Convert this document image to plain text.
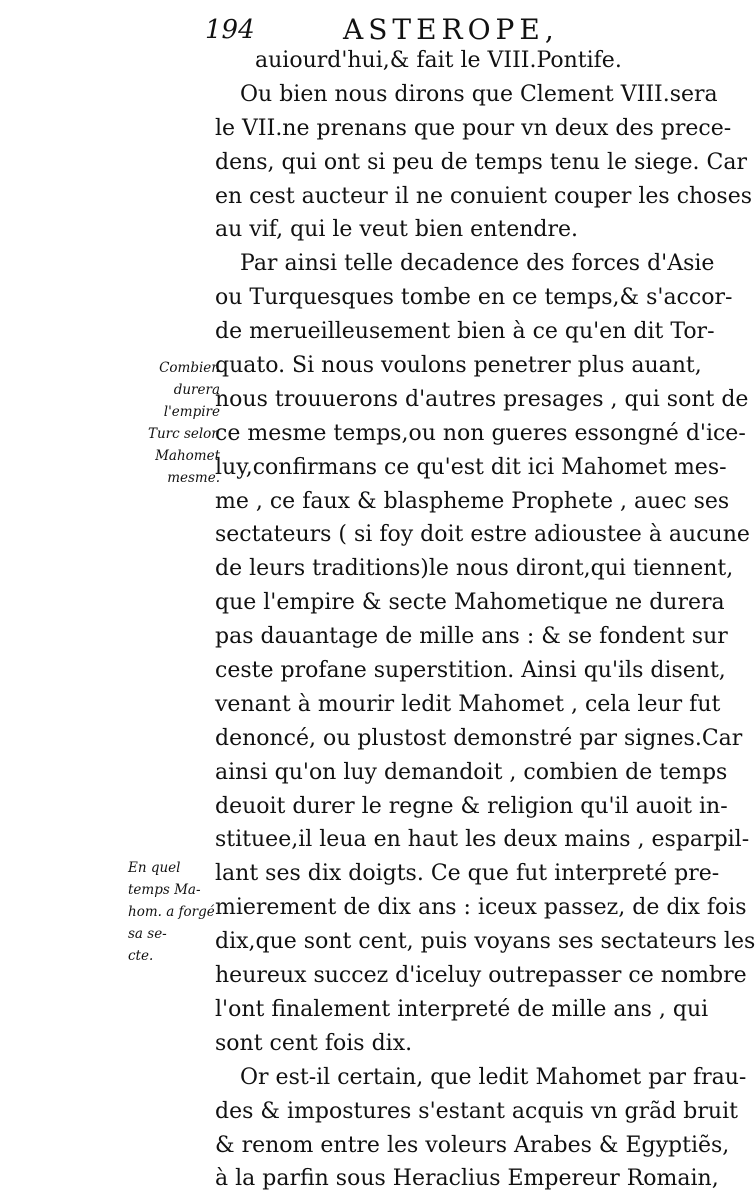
194	ASTEROPE,
auiourd'hui,& fait le VIII.Pontife.
Ou bien nous dirons que Clement VIII.sera
le VII.ne prenans que pour vn deux des prece-
dens, qui ont si peu de temps tenu le siege. Car
en cest aucteur il ne conuient couper les choses
au vif, qui le veut bien entendre.
Par ainsi telle decadence des forces d'Asie
ou Turquesques tombe en ce temps,& s'accor-
de merueilleusement bien à ce qu'en dit Tor-
quato. Si nous voulons penetrer plus auant,
nous trouuerons d'autres presages , qui sont de
ce mesme temps,ou non gueres essongné d'ice-
luy,confirmans ce qu'est dit ici Mahomet mes-
me , ce faux & blaspheme Prophete , auec ses
sectateurs ( si foy doit estre adioustee à aucune
de leurs traditions)le nous diront,qui tiennent,
que l'empire & secte Mahometique ne durera
pas dauantage de mille ans : & se fondent sur
ceste profane superstition. Ainsi qu'ils disent,
venant à mourir ledit Mahomet , cela leur fut
denoncé, ou plustost demonstré par signes.Car
ainsi qu'on luy demandoit , combien de temps
deuoit durer le regne & religion qu'il auoit in-
stituee,il leua en haut les deux mains , esparpil-
lant ses dix doigts. Ce que fut interpreté pre-
mierement de dix ans : iceux passez, de dix fois
dix,que sont cent, puis voyans ses sectateurs les
heureux succez d'iceluy outrepasser ce nombre
l'ont finalement interpreté de mille ans , qui
sont cent fois dix.
Or est-il certain, que ledit Mahomet par frau-
des & impostures s'estant acquis vn grãd bruit
& renom entre les voleurs Arabes & Egyptiẽs,
à la parfin sous Heraclius Empereur Romain,
Combien
durera
l'empire
Turc selon
Mahomet
mesme.
En quel
temps Ma-
hom. a forgé
sa se-
cte.
